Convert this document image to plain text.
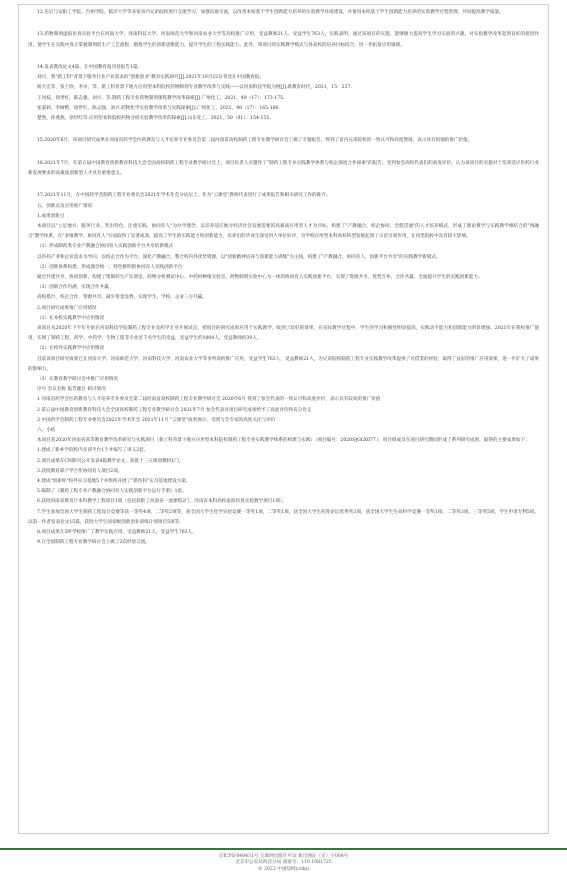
12.先后与安阳工学院、台州学院、临沂大学等多家省内兄弟院校进行交流学习，加强沟通交流，以改善本校基于学生创新能力培养的实验教学环境建设，并推进本校基于学生创新能力培养的实验教学过程管理，共同提高教学质量。

13.药物制剂虚拟仿真实验平台在河南大学、河南科技大学、河南师范大学和河南农业大学等高校推广应用，受益教师21人、受益学生763人，实践表明，通过该项目的实施，能够极大提高学生学习实验的兴趣，对实验教学改革起到良好的促进作用，使学生在实践中真正掌握制剂的生产工艺流程，锻炼学生的创新思维能力，提升学生的工程实践能力。此外，将项目的实践教学模式与各高校的培养目标结合，进一步拓宽应用领域。

14.发表教改论文4篇，在中国教育报刊登报告1篇。

刘兴，我"新工科"背景下服务行业产业需求的"创新创业"教育实践研究[J].2021年10月22日刊登在中国教育报。

杨天宏等，张士欣，李卓，等。新工科背景下地方应用型本科院校药物制剂专业教学改革与实践——以河南科技学院为例[J].新教育时代，2021，15：237.

王凤枝，徐世红，陈志强，刘兴，等.制药工程专业药物制剂课程教学改革探索[J].广州化工，2021，49（17）：173-175.

张秦莉，李树楷，徐世红，陈志强，刘兴.药物化学实验教学改革与实践探索[J].广州化工，2021，49（17）：165-166.

楚然，孙燕燕，徐世红等.应用型本科院校药物分析实验教学改革的探索[J].山东化工，2021，50（01）：154-155.

15.2020年6月，该项目研究成果在河南省药学会医药教育与人才培养专业委员会第二届河南省高校制药工程专业教学研讨会上做了专题报告，得到了省内兄弟院校的一致认可和高度赞扬，表示具有很强的推广价值。

16.2021年7月，在第五届中国教育创新教育科技大会全国高校制药工程专业教学研讨会上，项目负责人应邀作了"制药工程专业实践教学体系与校企深度合作探索"的报告，受到参会高校代表们的高度评价，认为该项目的实施对于培养适应医药行业新发展要求的高素质创新型人才具有重要意义。

17.2021年11月，在中国药学会制药工程专业委员会2021年学术年会分论坛上，作为"云课堂"教师代表进行了成果报告和相关研究工作的推介。

五、创新点及应用推广情况

1.成果创新点

本项目以"立足地方、服务行业、突出特色、注重实践、协同育人"为办学理念，以培养适应地方经济社会发展需要的高素质应用型人才为目标，构建了"产教融合、校企协同、全程贯通"的人才培养模式，形成了理论教学与实践教学相结合的"两融合"教学体系，在"多维教学、协同育人"方面取得了显著成效，提高了学生的实践能力和创新能力，培养出的毕业生深受用人单位好评，为学校应用型本科高校转型发展起到了示范引领作用，在同类院校中具有较大影响。

（1）形成制药类专业产教融合协同育人实践创新平台共享的新模式

以医药产业和企业需求为导向，以校企合作为平台，深化产教融合，整合校内外优势资源，以"创新精神培养与创新能力训练"为主线，构建了"产教融合、协同育人、创新平台共享"的实践教学新模式。

（2）创新体系构建，形成理念统一、特色鲜明的协同育人实践创新平台

通过共建共享，协同创新，构建了集制药生产实训室、药物分析测试中心、中药材种植实验室、药物制剂实验中心为一体的协同育人实践创新平台，实现了资源共享、优势互补、合作共赢，全面提升学生的实践创新能力。

（3）创新合作内涵，实现合作共赢

高校搭台，校企合作，资源共享，减少资金浪费，实现学生、学校、企业三方共赢。

2.项目研究成果推广应用情况

（1）在本校实践教学中应用情况

该项目从2020年下半年开始在河南科技学院制药工程专业及药学专业开展试点，把项目的研究成果应用于实践教学，收到了较好的效果，在实际教学过程中，学生的学习积极性明显提高，实践动手能力和创新能力明显增强。2021年在我校推广使用，实现了制药工程、药学、中药学、生物工程等专业近千名学生的受益，受益学生约1000人，受益教师约30人。

（2）在校外实践教学中应用情况

目前该项目研究成果已在河南大学、河南师范大学、河南科技大学、河南农业大学等多所高校推广应用，受益学生763人，受益教师21人，为兄弟院校制药工程专业实践教学改革提供了可借鉴的经验，取得了良好的推广应用效果，进一步扩大了成果的影响力。

（3）在教育教学研讨会中推广应用情况

序号 会议名称 报告题目 研讨情况

1 河南省药学会医药教育与人才培养专业委员会第二届河南省高校制药工程专业教学研讨会 2020年6月 得到了参会代表的一致认可和高度评价，表示具有较高的推广价值

2 第五届中国教育创新教育科技大会全国高校制药工程专业教学研讨会 2021年7月 参会代表对项目研究成果给予了高度评价和充分肯定

3 中国药学会制药工程专业委员会2021年学术年会 2021年11月 "云课堂"成果展示，受到与会专家的高度关注与评价

六、小结

本项目获2020年河南省高等教育教学改革研究与实践项目（新工科背景下地方应用型本科院校制药工程专业实践教学体系的构建与实践）（项目编号：2020SJGLX077），项目组成员在项目研究期间形成了系列研究成果，取得的主要成果如下：

1.建成了新乡学院校内实训平台1个并编写了讲义2套。

2.项目成果在CN期刊公开发表4篇教学论文，获批十三五规划教材1门。

3.获批教育部产学合作协同育人项目2项。

4.建成"创新杯"校外实习基地5个并组织开展了"新医科"实习基地建设方案。

5.编制了《制药工程专业产教融合协同育人实践创新平台运行手册》1套。

6.获批河南省教育厅本科教学工程项目1项（包括获批了河南省一流课程2门、河南省本科高校虚拟仿真实验教学项目1项）。

7.学生参加全国大学生制药工程设计竞赛等获一等奖4项、二等奖2项等，获全国大学生化学实验竞赛一等奖1项、二等奖1项，获全国大学生药苑论坛优秀奖3项，获全国大学生生命科学竞赛一等奖1项、二等奖3项、三等奖5项，学生申请专利5项，以第一作者发表论文15篇，获批大学生国家级创新创业训练计划项目5项等。

8.项目成果在5所学校推广了教学实践应用，受益教师21人，受益学生763人。

9.在全国制药工程专业教学研讨会上做了2次经验交流。

京ICP证040431号 互联网出版许可证 新出网证（京）字008号
北京市公安局海淀分局 备案号：110 1081725
© 2022 中国知网(cnki)
